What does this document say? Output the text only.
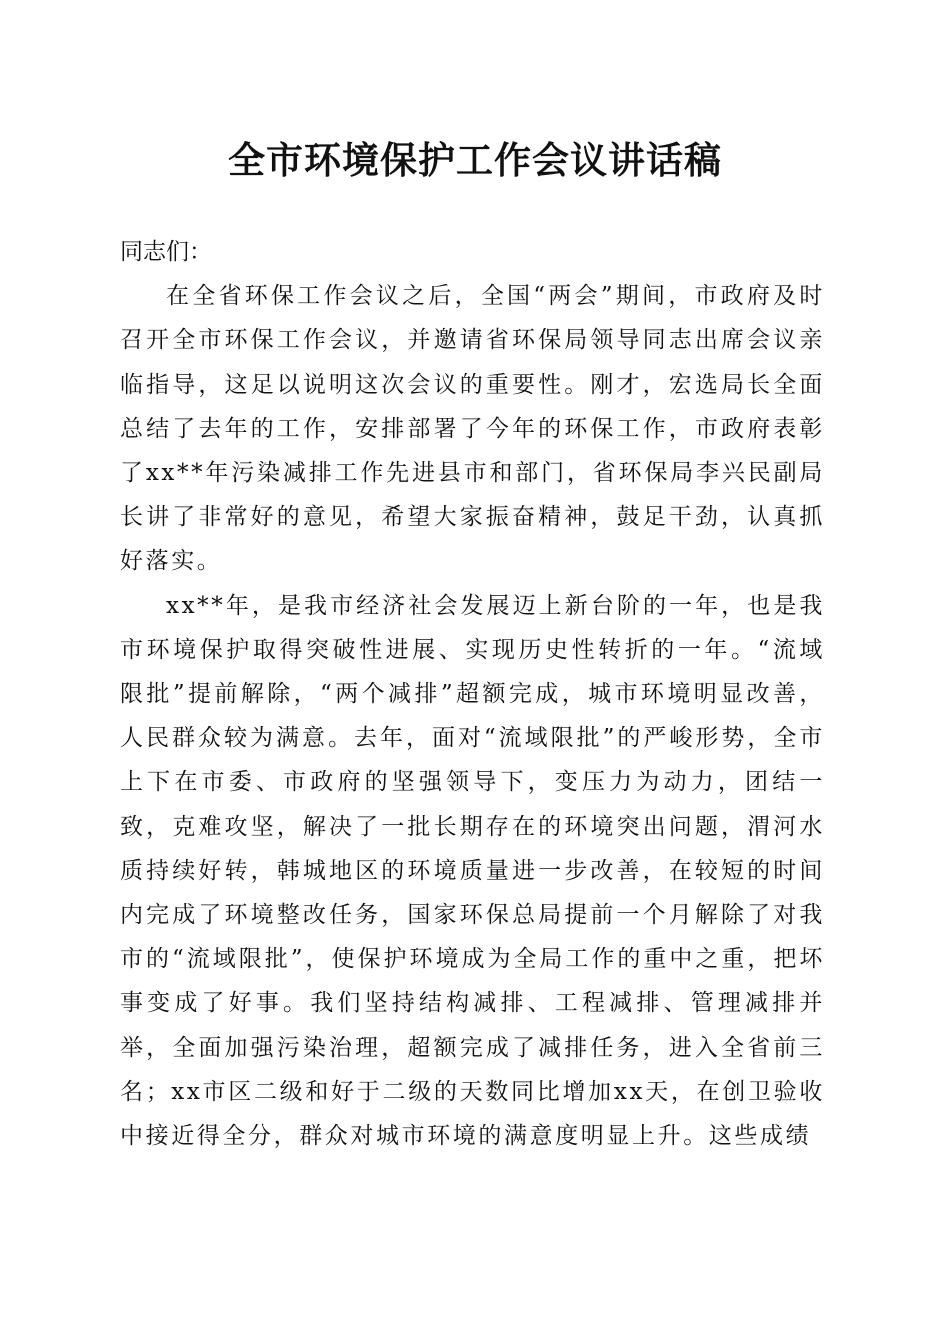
全市环境保护工作会议讲话稿

同志们：

在全省环保工作会议之后，全国“两会”期间，市政府及时召开全市环保工作会议，并邀请省环保局领导同志出席会议亲临指导，这足以说明这次会议的重要性。刚才，宏选局长全面总结了去年的工作，安排部署了今年的环保工作，市政府表彰了xx**年污染减排工作先进县市和部门，省环保局李兴民副局长讲了非常好的意见，希望大家振奋精神，鼓足干劲，认真抓好落实。

xx**年，是我市经济社会发展迈上新台阶的一年，也是我市环境保护取得突破性进展、实现历史性转折的一年。“流域限批”提前解除，“两个减排”超额完成，城市环境明显改善，人民群众较为满意。去年，面对“流域限批”的严峻形势，全市上下在市委、市政府的坚强领导下，变压力为动力，团结一致，克难攻坚，解决了一批长期存在的环境突出问题，渭河水质持续好转，韩城地区的环境质量进一步改善，在较短的时间内完成了环境整改任务，国家环保总局提前一个月解除了对我市的“流域限批”，使保护环境成为全局工作的重中之重，把坏事变成了好事。我们坚持结构减排、工程减排、管理减排并举，全面加强污染治理，超额完成了减排任务，进入全省前三名；xx市区二级和好于二级的天数同比增加xx天，在创卫验收中接近得全分，群众对城市环境的满意度明显上升。这些成绩
